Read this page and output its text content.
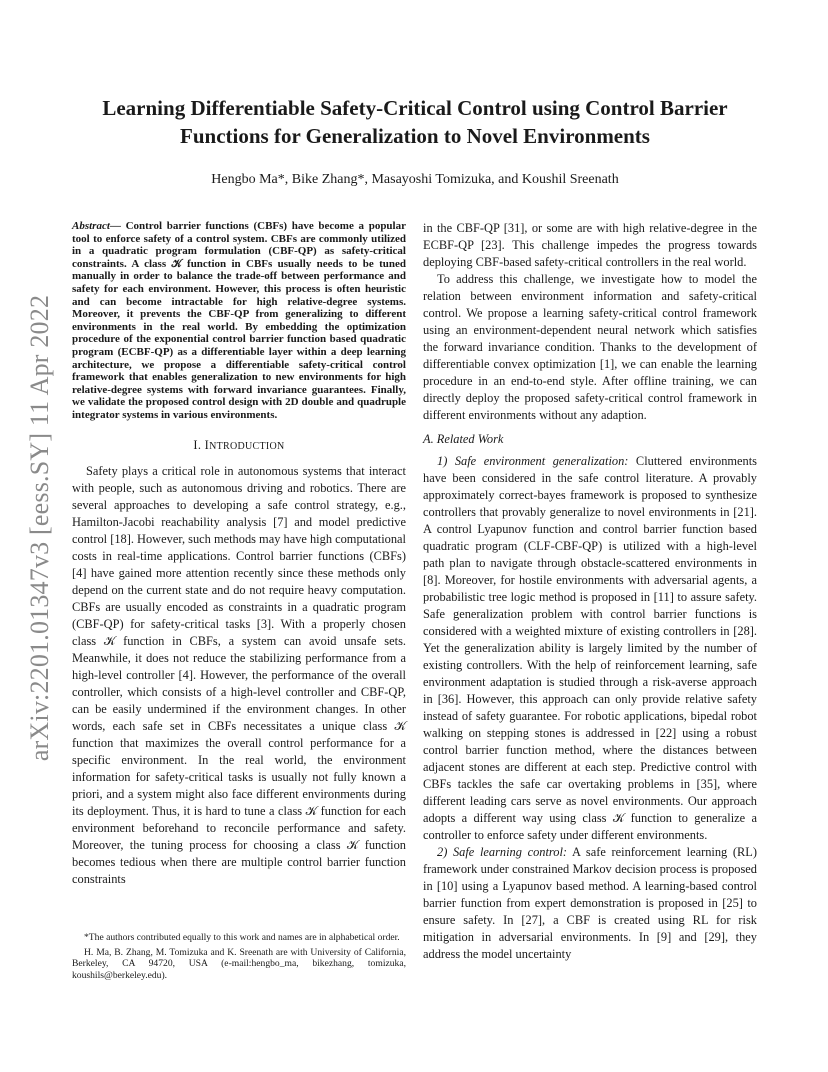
arXiv:2201.01347v3 [eess.SY] 11 Apr 2022
Learning Differentiable Safety-Critical Control using Control Barrier
Functions for Generalization to Novel Environments

Hengbo Ma*, Bike Zhang*, Masayoshi Tomizuka, and Koushil Sreenath

Abstract— Control barrier functions (CBFs) have become a popular tool to enforce safety of a control system. CBFs are commonly utilized in a quadratic program formulation (CBF-QP) as safety-critical constraints. A class 𝒦 function in CBFs usually needs to be tuned manually in order to balance the trade-off between performance and safety for each environment. However, this process is often heuristic and can become intractable for high relative-degree systems. Moreover, it prevents the CBF-QP from generalizing to different environments in the real world. By embedding the optimization procedure of the exponential control barrier function based quadratic program (ECBF-QP) as a differentiable layer within a deep learning architecture, we propose a differentiable safety-critical control framework that enables generalization to new environments for high relative-degree systems with forward invariance guarantees. Finally, we validate the proposed control design with 2D double and quadruple integrator systems in various environments.

I. INTRODUCTION

Safety plays a critical role in autonomous systems that interact with people, such as autonomous driving and robotics. There are several approaches to developing a safe control strategy, e.g., Hamilton-Jacobi reachability analysis [7] and model predictive control [18]. However, such methods may have high computational costs in real-time applications. Control barrier functions (CBFs) [4] have gained more attention recently since these methods only depend on the current state and do not require heavy computation. CBFs are usually encoded as constraints in a quadratic program (CBF-QP) for safety-critical tasks [3]. With a properly chosen class 𝒦 function in CBFs, a system can avoid unsafe sets. Meanwhile, it does not reduce the stabilizing performance from a high-level controller [4]. However, the performance of the overall controller, which consists of a high-level controller and CBF-QP, can be easily undermined if the environment changes. In other words, each safe set in CBFs necessitates a unique class 𝒦 function that maximizes the overall control performance for a specific environment. In the real world, the environment information for safety-critical tasks is usually not fully known a priori, and a system might also face different environments during its deployment. Thus, it is hard to tune a class 𝒦 function for each environment beforehand to reconcile performance and safety. Moreover, the tuning process for choosing a class 𝒦 function becomes tedious when there are multiple control barrier function constraints

*The authors contributed equally to this work and names are in alphabetical order.

H. Ma, B. Zhang, M. Tomizuka and K. Sreenath are with University of California, Berkeley, CA 94720, USA (e-mail:hengbo_ma, bikezhang, tomizuka, koushils@berkeley.edu).

in the CBF-QP [31], or some are with high relative-degree in the ECBF-QP [23]. This challenge impedes the progress towards deploying CBF-based safety-critical controllers in the real world.

To address this challenge, we investigate how to model the relation between environment information and safety-critical control. We propose a learning safety-critical control framework using an environment-dependent neural network which satisfies the forward invariance condition. Thanks to the development of differentiable convex optimization [1], we can enable the learning procedure in an end-to-end style. After offline training, we can directly deploy the proposed safety-critical control framework in different environments without any adaption.

A. Related Work

1) Safe environment generalization: Cluttered environments have been considered in the safe control literature. A provably approximately correct-bayes framework is proposed to synthesize controllers that provably generalize to novel environments in [21]. A control Lyapunov function and control barrier function based quadratic program (CLF-CBF-QP) is utilized with a high-level path plan to navigate through obstacle-scattered environments in [8]. Moreover, for hostile environments with adversarial agents, a probabilistic tree logic method is proposed in [11] to assure safety. Safe generalization problem with control barrier functions is considered with a weighted mixture of existing controllers in [28]. Yet the generalization ability is largely limited by the number of existing controllers. With the help of reinforcement learning, safe environment adaptation is studied through a risk-averse approach in [36]. However, this approach can only provide relative safety instead of safety guarantee. For robotic applications, bipedal robot walking on stepping stones is addressed in [22] using a robust control barrier function method, where the distances between adjacent stones are different at each step. Predictive control with CBFs tackles the safe car overtaking problems in [35], where different leading cars serve as novel environments. Our approach adopts a different way using class 𝒦 function to generalize a controller to enforce safety under different environments.

2) Safe learning control: A safe reinforcement learning (RL) framework under constrained Markov decision process is proposed in [10] using a Lyapunov based method. A learning-based control barrier function from expert demonstration is proposed in [25] to ensure safety. In [27], a CBF is created using RL for risk mitigation in adversarial environments. In [9] and [29], they address the model uncertainty
